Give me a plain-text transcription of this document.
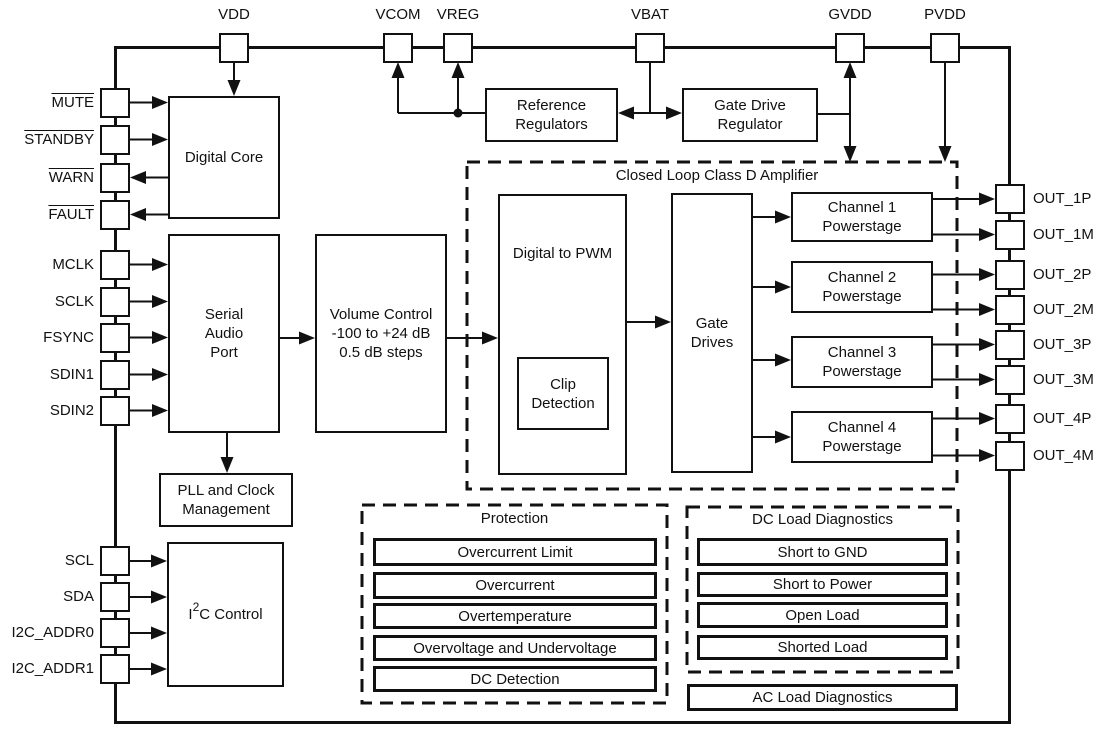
VDD	VCOM	VREG	VBAT	GVDD	PVDD
MUTE
STANDBY
WARN
FAULT
MCLK
SCLK
FSYNC
SDIN1
SDIN2
SCL
SDA
I2C_ADDR0
I2C_ADDR1
OUT_1P
OUT_1M
OUT_2P
OUT_2M
OUT_3P
OUT_3M
OUT_4P
OUT_4M
Digital Core
Serial
Audio
Port
Volume Control
-100 to +24 dB
0.5 dB steps
Reference
Regulators
Gate Drive
Regulator
PLL and Clock
Management
I 2 C Control
Closed Loop Class D Amplifier
Digital to PWM
Clip
Detection
Gate
Drives
Channel 1
Powerstage
Channel 2
Powerstage
Channel 3
Powerstage
Channel 4
Powerstage
Protection
Overcurrent Limit
Overcurrent
Overtemperature
Overvoltage and Undervoltage
DC Detection
DC Load Diagnostics
Short to GND
Short to Power
Open Load
Shorted Load
AC Load Diagnostics
